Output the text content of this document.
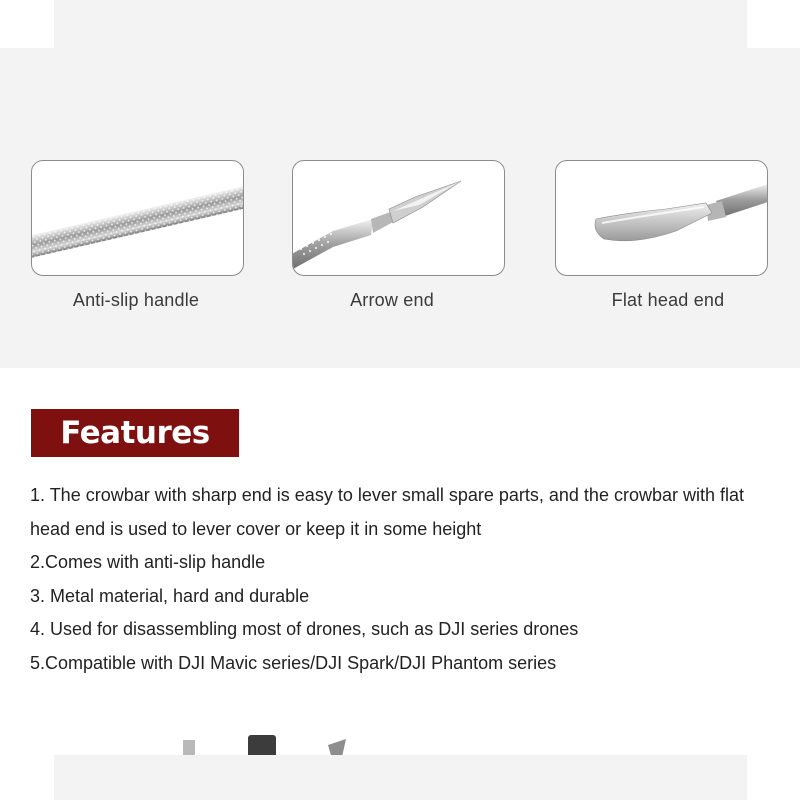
Anti-slip handle	Arrow end	Flat head end
Features
1. The crowbar with sharp end is easy to lever small spare parts, and the crowbar with flat head end is used to lever cover or keep it in some height
2.Comes with anti-slip handle
3. Metal material, hard and durable
4. Used for disassembling most of drones, such as DJI series drones
5.Compatible with DJI Mavic series/DJI Spark/DJI Phantom series
